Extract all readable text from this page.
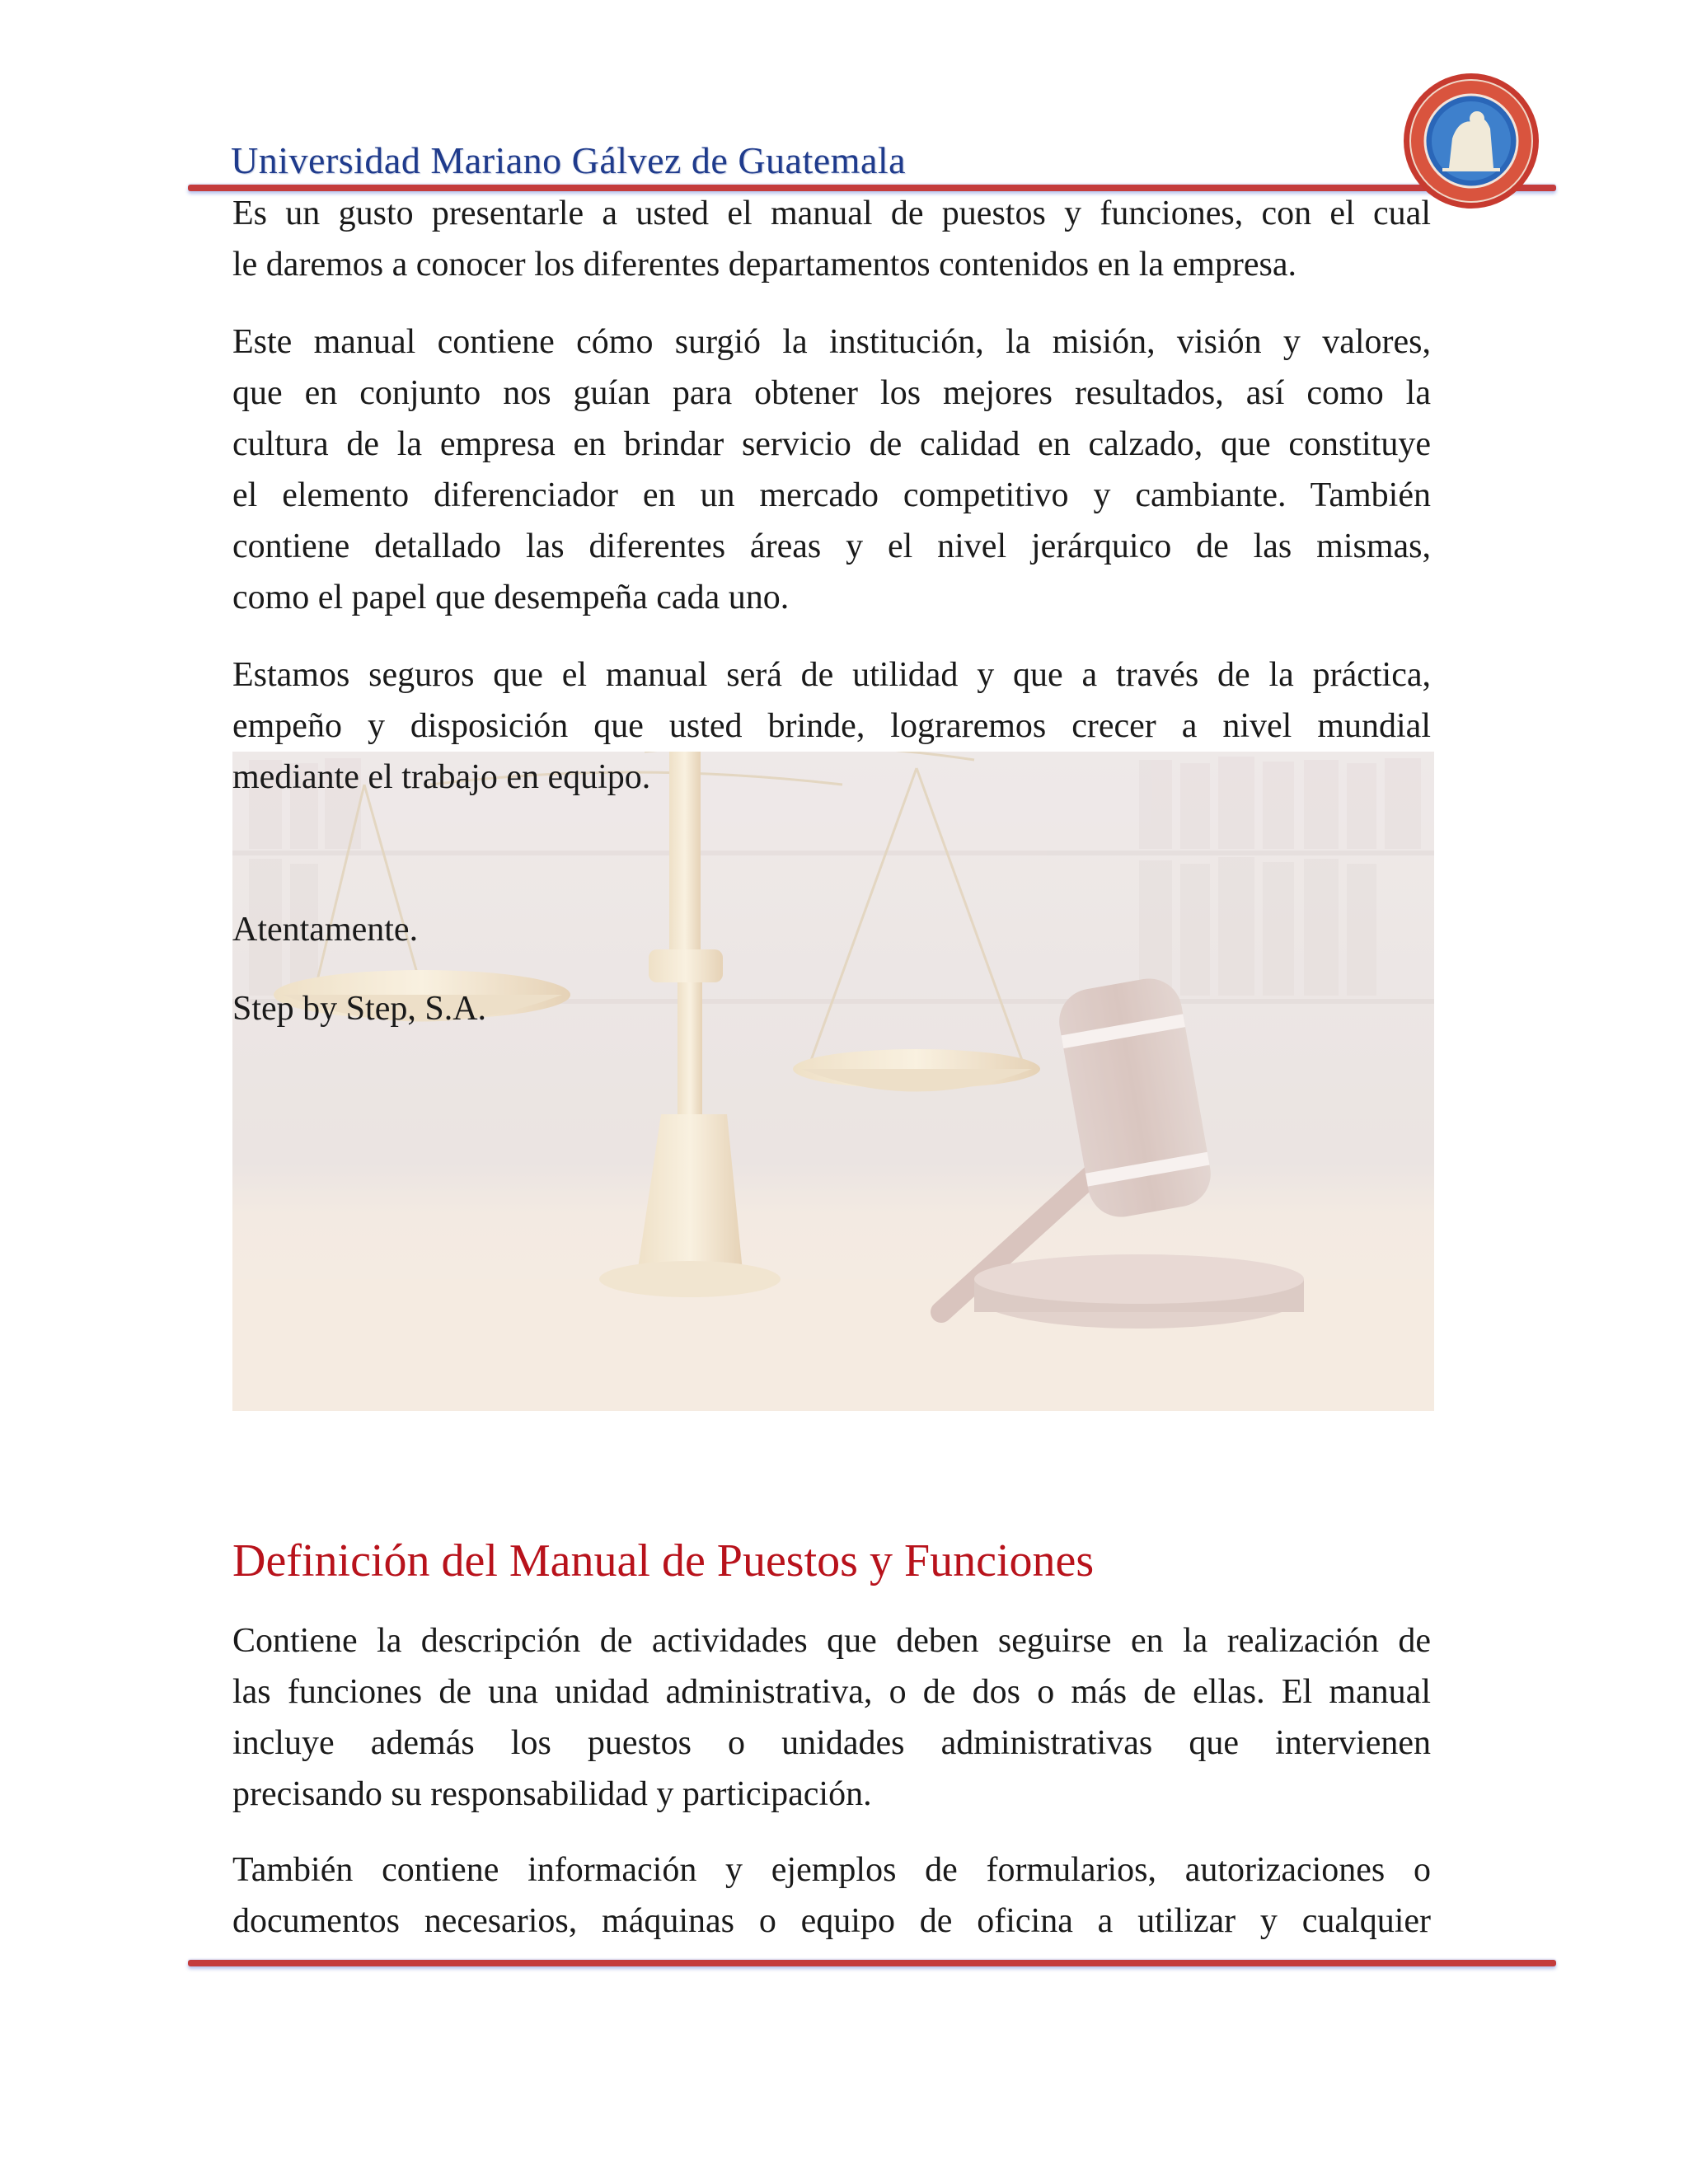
Universidad Mariano Gálvez de Guatemala
Es un gusto presentarle a usted el manual de puestos y funciones, con el cual
le daremos a conocer los diferentes departamentos contenidos en la empresa.
Este manual contiene cómo surgió la institución, la misión, visión y valores,
que en conjunto nos guían para obtener los mejores resultados, así como la
cultura de la empresa en brindar servicio de calidad en calzado, que constituye
el elemento diferenciador en un mercado competitivo y cambiante. También
contiene detallado las diferentes áreas y el nivel jerárquico de las mismas,
como el papel que desempeña cada uno.
Estamos seguros que el manual será de utilidad y que a través de la práctica,
empeño y disposición que usted brinde, lograremos crecer a nivel mundial
mediante el trabajo en equipo.
Atentamente.
Step by Step, S.A.
Definición del Manual de Puestos y Funciones
Contiene la descripción de actividades que deben seguirse en la realización de
las funciones de una unidad administrativa, o de dos o más de ellas. El manual
incluye además los puestos o unidades administrativas que intervienen
precisando su responsabilidad y participación.
También contiene información y ejemplos de formularios, autorizaciones o
documentos necesarios, máquinas o equipo de oficina a utilizar y cualquier
